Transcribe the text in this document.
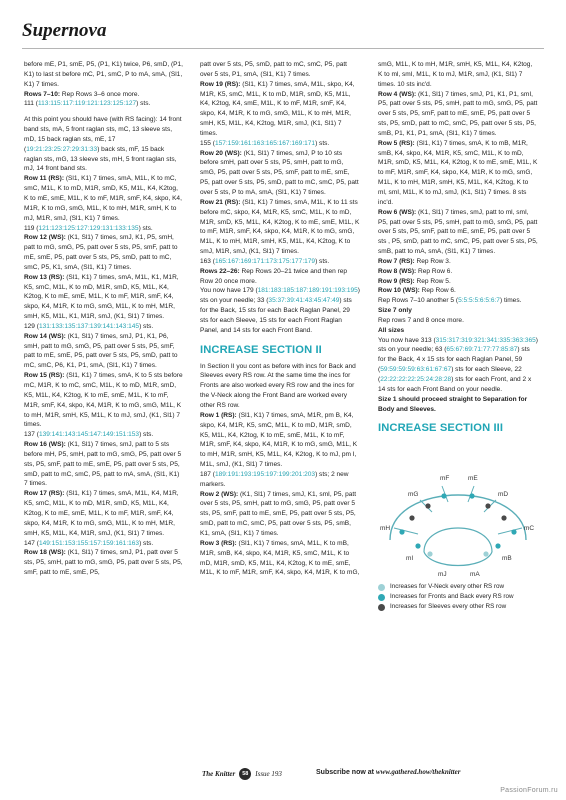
Supernova

before mE, P1, smE, P5, (P1, K1) twice, P6, smD, (P1, K1) to last st before mC, P1, smC, P to mA, smA, (Sl1, K1) 7 times.

Rows 7–10: Rep Rows 3–6 once more.

111 (113:115:117:119:121:123:125:127) sts.

At this point you should have (with RS facing): 14 front band sts, mA, 5 front raglan sts, mC, 13 sleeve sts, mD, 15 back raglan sts, mE, 17 (19:21:23:25:27:29:31:33) back sts, mF, 15 back raglan sts, mG, 13 sleeve sts, mH, 5 front raglan sts, mJ, 14 front band sts.

Row 11 (RS): (Sl1, K1) 7 times, smA, M1L, K to mC, smC, M1L, K to mD, M1R, smD, K5, M1L, K4, K2tog, K to mE, smE, M1L, K to mF, M1R, smF, K4, skpo, K4, M1R, K to mG, smG, M1L, K to mH, M1R, smH, K to mJ, M1R, smJ, (Sl1, K1) 7 times.

119 (121:123:125:127:129:131:133:135) sts.

Row 12 (WS): (K1, Sl1) 7 times, smJ, K1, P5, smH, patt to mG, smG, P5, patt over 5 sts, P5, smF, patt to mE, smE, P5, patt over 5 sts, P5, smD, patt to mC, smC, P5, K1, smA, (Sl1, K1) 7 times.

Row 13 (RS): (Sl1, K1) 7 times, smA, M1L, K1, M1R, K5, smC, M1L, K to mD, M1R, smD, K5, M1L, K4, K2tog, K to mE, smE, M1L, K to mF, M1R, smF, K4, skpo, K4, M1R, K to mG, smG, M1L, K to mH, M1R, smH, K5, M1L, K1, M1R, smJ, (K1, Sl1) 7 times.

129 (131:133:135:137:139:141:143:145) sts.

Row 14 (WS): (K1, Sl1) 7 times, smJ, P1, K1, P6, smH, patt to mG, smG, P5, patt over 5 sts, P5, smF, patt to mE, smE, P5, patt over 5 sts, P5, smD, patt to mC, smC, P6, K1, P1, smA, (Sl1, K1) 7 times.

Row 15 (RS): (Sl1, K1) 7 times, smA, K to 5 sts before mC, M1R, K to mC, smC, M1L, K to mD, M1R, smD, K5, M1L, K4, K2tog, K to mE, smE, M1L, K to mF, M1R, smF, K4, skpo, K4, M1R, K to mG, smG, M1L, K to mH, M1R, smH, K5, M1L, K to mJ, smJ, (K1, Sl1) 7 times.

137 (139:141:143:145:147:149:151:153) sts.

Row 16 (WS): (K1, Sl1) 7 times, smJ, patt to 5 sts before mH, P5, smH, patt to mG, smG, P5, patt over 5 sts, P5, smF, patt to mE, smE, P5, patt over 5 sts, P5, smD, patt to mC, smC, P5, patt to mA, smA, (Sl1, K1) 7 times.

Row 17 (RS): (Sl1, K1) 7 times, smA, M1L, K4, M1R, K5, smC, M1L, K to mD, M1R, smD, K5, M1L, K4, K2tog, K to mE, smE, M1L, K to mF, M1R, smF, K4, skpo, K4, M1R, K to mG, smG, M1L, K to mH, M1R, smH, K5, M1L, K4, M1R, smJ, (K1, Sl1) 7 times.

147 (149:151:153:155:157:159:161:163) sts.

Row 18 (WS): (K1, Sl1) 7 times, smJ, P1, patt over 5 sts, P5, smH, patt to mG, smG, P5, patt over 5 sts, P5, smF, patt to mE, smE, P5,

patt over 5 sts, P5, smD, patt to mC, smC, P5, patt over 5 sts, P1, smA, (Sl1, K1) 7 times.

Row 19 (RS): (Sl1, K1) 7 times, smA, M1L, skpo, K4, M1R, K5, smC, M1L, K to mD, M1R, smD, K5, M1L, K4, K2tog, K4, smE, M1L, K to mF, M1R, smF, K4, skpo, K4, M1R, K to mG, smG, M1L, K to mH, M1R, smH, K5, M1L, K4, K2tog, M1R, smJ, (K1, Sl1) 7 times.

155 (157:159:161:163:165:167:169:171) sts.

Row 20 (WS): (K1, Sl1) 7 times, smJ, P to 10 sts before smH, patt over 5 sts, P5, smH, patt to mG, smG, P5, patt over 5 sts, P5, smF, patt to mE, smE, P5, patt over 5 sts, P5, smD, patt to mC, smC, P5, patt over 5 sts, P to mA, smA, (Sl1, K1) 7 times.

Row 21 (RS): (Sl1, K1) 7 times, smA, M1L, K to 11 sts before mC, skpo, K4, M1R, K5, smC, M1L, K to mD, M1R, smD, K5, M1L, K4, K2tog, K to mE, smE, M1L, K to mF, M1R, smF, K4, skpo, K4, M1R, K to mG, smG, M1L, K to mH, M1R, smH, K5, M1L, K4, K2tog, K to smJ, M1R, smJ, (K1, Sl1) 7 times.

163 (165:167:169:171:173:175:177:179) sts.

Rows 22–26: Rep Rows 20–21 twice and then rep Row 20 once more.

You now have 179 (181:183:185:187:189:191:193:195) sts on your needle; 33 (35:37:39:41:43:45:47:49) sts for the Back, 15 sts for each Back Raglan Panel, 29 sts for each Sleeve, 15 sts for each Front Raglan Panel, and 14 sts for each Front Band.

INCREASE SECTION II

In Section II you cont as before with incs for Back and Sleeves every RS row. At the same time the incs for Fronts are also worked every RS row and the incs for the V-Neck along the Front Band are worked every other RS row.

Row 1 (RS): (Sl1, K1) 7 times, smA, M1R, pm B, K4, skpo, K4, M1R, K5, smC, M1L, K to mD, M1R, smD, K5, M1L, K4, K2tog, K to mE, smE, M1L, K to mF, M1R, smF, K4, skpo, K4, M1R, K to mG, smG, M1L, K to mH, M1R, smH, K5, M1L, K4, K2tog, K to mJ, pm I, M1L, smJ, (K1, Sl1) 7 times.

187 (189:191:193:195:197:199:201:203) sts; 2 new markers.

Row 2 (WS): (K1, Sl1) 7 times, smJ, K1, smI, P5, patt over 5 sts, P5, smH, patt to mG, smG, P5, patt over 5 sts, P5, smF, patt to mE, smE, P5, patt over 5 sts, P5, smD, patt to mC, smC, P5, patt over 5 sts, P5, smB, K1, smA, (Sl1, K1) 7 times.

Row 3 (RS): (Sl1, K1) 7 times, smA, M1L, K to mB, M1R, smB, K4, skpo, K4, M1R, K5, smC, M1L, K to mD, M1R, smD, K5, M1L, K4, K2tog, K to mE, smE, M1L, K to mF, M1R, smF, K4, skpo, K4, M1R, K to mG,

smG, M1L, K to mH, M1R, smH, K5, M1L, K4, K2tog, K to ml, smI, M1L, K to mJ, M1R, smJ, (K1, Sl1) 7 times. 10 sts inc'd.

Row 4 (WS): (K1, Sl1) 7 times, smJ, P1, K1, P1, smI, P5, patt over 5 sts, P5, smH, patt to mG, smG, P5, patt over 5 sts, P5, smF, patt to mE, smE, P5, patt over 5 sts, P5, smD, patt to mC, smC, P5, patt over 5 sts, P5, smB, P1, K1, P1, smA, (Sl1, K1) 7 times.

Row 5 (RS): (Sl1, K1) 7 times, smA, K to mB, M1R, smB, K4, skpo, K4, M1R, K5, smC, M1L, K to mD, M1R, smD, K5, M1L, K4, K2tog, K to mE, smE, M1L, K to mF, M1R, smF, K4, skpo, K4, M1R, K to mG, smG, M1L, K to mH, M1R, smH, K5, M1L, K4, K2tog, K to ml, smI, M1L, K to mJ, smJ, (K1, Sl1) 7 times. 8 sts inc'd.

Row 6 (WS): (K1, Sl1) 7 times, smJ, patt to ml, smI, P5, patt over 5 sts, P5, smH, patt to mG, smG, P5, patt over 5 sts, P5, smF, patt to mE, smE, P5, patt over 5 sts , P5, smD, patt to mC, smC, P5, patt over 5 sts, P5, smB, patt to mA, smA, (Sl1, K1) 7 times.

Row 7 (RS): Rep Row 3.

Row 8 (WS): Rep Row 6.

Row 9 (RS): Rep Row 5.

Row 10 (WS): Rep Row 6.

Rep Rows 7–10 another 5 (5:5:5:5:6:5:6:7) times.

Size 7 only

Rep rows 7 and 8 once more.

All sizes

You now have 313 (315:317:319:321:341:335:363:365) sts on your needle; 63 (65:67:69:71:77:77:85:87) sts for the Back, 4 x 15 sts for each Raglan Panel, 59 (59:59:59:59:63:61:67:67) sts for each Sleeve, 22 (22:22:22:22:25:24:28:28) sts for each Front, and 2 x 14 sts for each Front Band on your needle.

Size 1 should proceed straight to Separation for Body and Sleeves.

INCREASE SECTION III
mF	mE
mG	mD
mH	mC
mI	mB
mJ	mA
Increases for V-Neck every other RS row
Increases for Fronts and Back every RS row
Increases for Sleeves every other RS row
The Knitter	58 Issue 193	Subscribe now at www.gathered.how/theknitter
PassionForum.ru
